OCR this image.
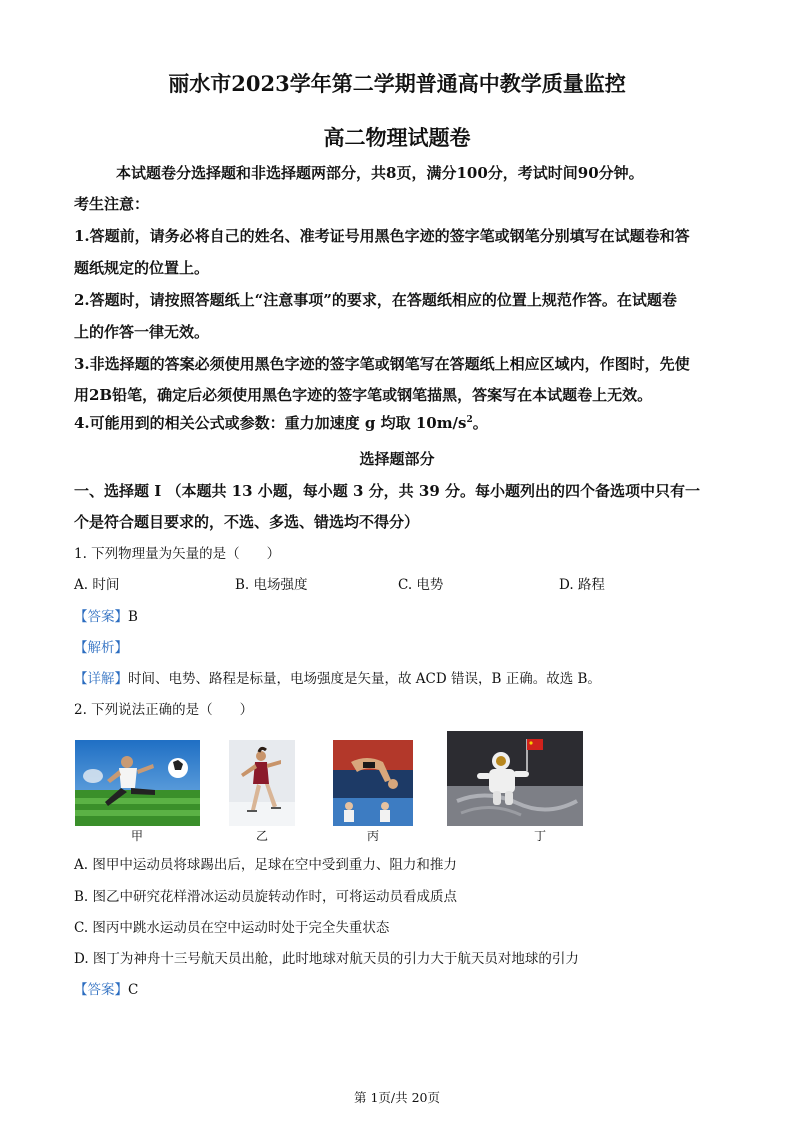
丽水市2023学年第二学期普通高中教学质量监控
高二物理试题卷
本试题卷分选择题和非选择题两部分，共8页，满分100分，考试时间90分钟。
考生注意：
1.答题前，请务必将自己的姓名、准考证号用黑色字迹的签字笔或钢笔分别填写在试题卷和答
题纸规定的位置上。
2.答题时，请按照答题纸上“注意事项”的要求，在答题纸相应的位置上规范作答。在试题卷
上的作答一律无效。
3.非选择题的答案必须使用黑色字迹的签字笔或钢笔写在答题纸上相应区域内，作图时，先使
用2B铅笔，确定后必须使用黑色字迹的签字笔或钢笔描黑，答案写在本试题卷上无效。
4.可能用到的相关公式或参数：重力加速度 g 均取 $10m/s^2$。
选择题部分
一、选择题 I （本题共 13 小题，每小题 3 分，共 39 分。每小题列出的四个备选项中只有一
个是符合题目要求的，不选、多选、错选均不得分）
1. 下列物理量为矢量的是（　　）
A. 时间	B. 电场强度	C. 电势	D. 路程
【答案】B
【解析】
【详解】时间、电势、路程是标量，电场强度是矢量，故 ACD 错误，B 正确。故选 B。
2. 下列说法正确的是（　　）
甲	乙	丙	丁
A. 图甲中运动员将球踢出后，足球在空中受到重力、阻力和推力
B. 图乙中研究花样滑冰运动员旋转动作时，可将运动员看成质点
C. 图丙中跳水运动员在空中运动时处于完全失重状态
D. 图丁为神舟十三号航天员出舱，此时地球对航天员的引力大于航天员对地球的引力
【答案】C
第 1页/共 20页
